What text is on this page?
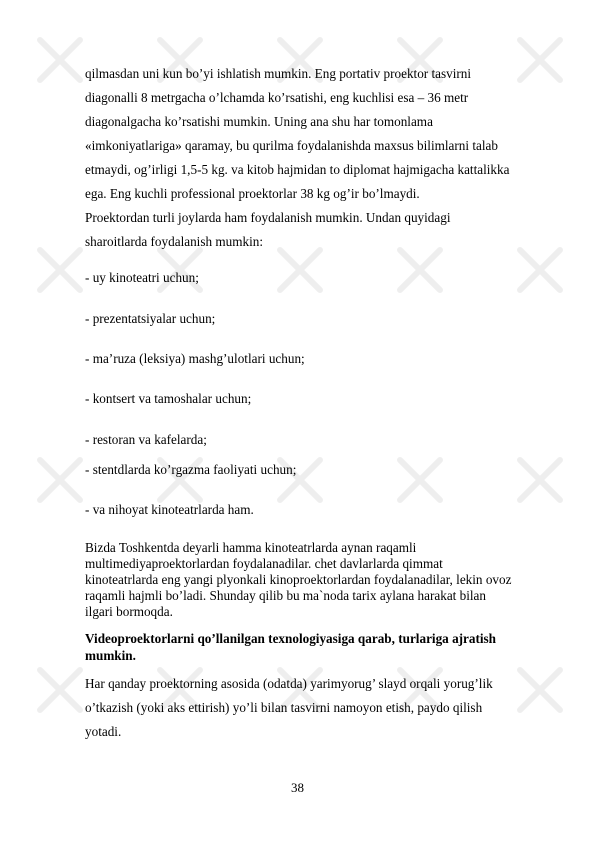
qilmasdan uni kun bo’yi ishlatish mumkin. Eng portativ proektor tasvirni
diagonalli 8 metrgacha o’lchamda ko’rsatishi, eng kuchlisi esa – 36 metr
diagonalgacha ko’rsatishi mumkin. Uning ana shu har tomonlama
«imkoniyatlariga» qaramay, bu qurilma foydalanishda maxsus bilimlarni talab
etmaydi, og’irligi 1,5-5 kg. va kitob hajmidan to diplomat hajmigacha kattalikka
ega. Eng kuchli professional proektorlar 38 kg og’ir bo’lmaydi.
Proektordan turli joylarda ham foydalanish mumkin. Undan quyidagi
sharoitlarda foydalanish mumkin:
- uy kinoteatri uchun;
- prezentatsiyalar uchun;
- ma’ruza (leksiya) mashg’ulotlari uchun;
- kontsert va tamoshalar uchun;
- restoran va kafelarda;
- stentdlarda ko’rgazma faoliyati uchun;
- va nihoyat kinoteatrlarda ham.
Bizda Toshkentda deyarli hamma kinoteatrlarda aynan raqamli
multimediyaproektorlardan foydalanadilar. chet davlarlarda qimmat
kinoteatrlarda eng yangi plyonkali kinoproektorlardan foydalanadilar, lekin ovoz
raqamli hajmli bo’ladi. Shunday qilib bu ma`noda tarix aylana harakat bilan
ilgari bormoqda.
Videoproektorlarni qo’llanilgan texnologiyasiga qarab, turlariga ajratish
mumkin.
Har qanday proektorning asosida (odatda) yarimyorug’ slayd orqali yorug’lik
o’tkazish (yoki aks ettirish) yo’li bilan tasvirni namoyon etish, paydo qilish
yotadi.
38
